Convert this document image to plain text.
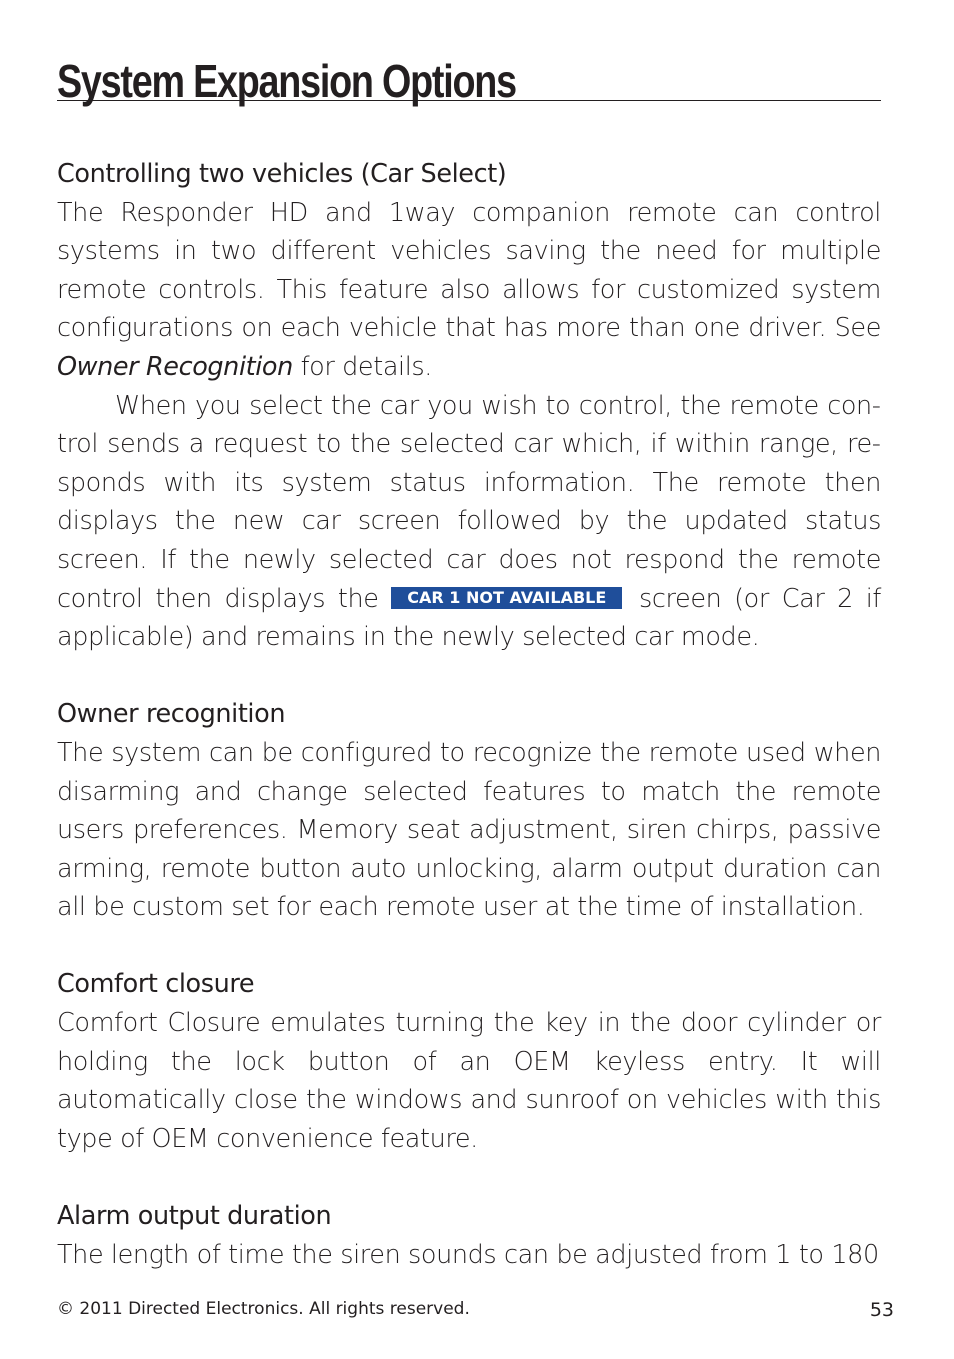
System Expansion Options
Controlling two vehicles (Car Select)

The Responder HD and 1way companion remote can control systems in two different vehicles saving the need for multiple remote controls. This feature also allows for customized system configurations on each vehicle that has more than one driver. See Owner Recognition for details.

When you select the car you wish to control, the remote control sends a request to the selected car which, if within range, responds with its system status information. The remote then displays the new car screen followed by the updated status screen. If the newly selected car does not respond the remote control then displays the CAR 1 NOT AVAILABLE screen (or Car 2 if applicable) and remains in the newly selected car mode.

Owner recognition

The system can be configured to recognize the remote used when disarming and change selected features to match the remote users preferences. Memory seat adjustment, siren chirps, passive arming, remote button auto unlocking, alarm output duration can all be custom set for each remote user at the time of installation.

Comfort closure

Comfort Closure emulates turning the key in the door cylinder or holding the lock button of an OEM keyless entry. It will automatically close the windows and sunroof on vehicles with this type of OEM convenience feature.

Alarm output duration

The length of time the siren sounds can be adjusted from 1 to 180

© 2011 Directed Electronics. All rights reserved.	53
